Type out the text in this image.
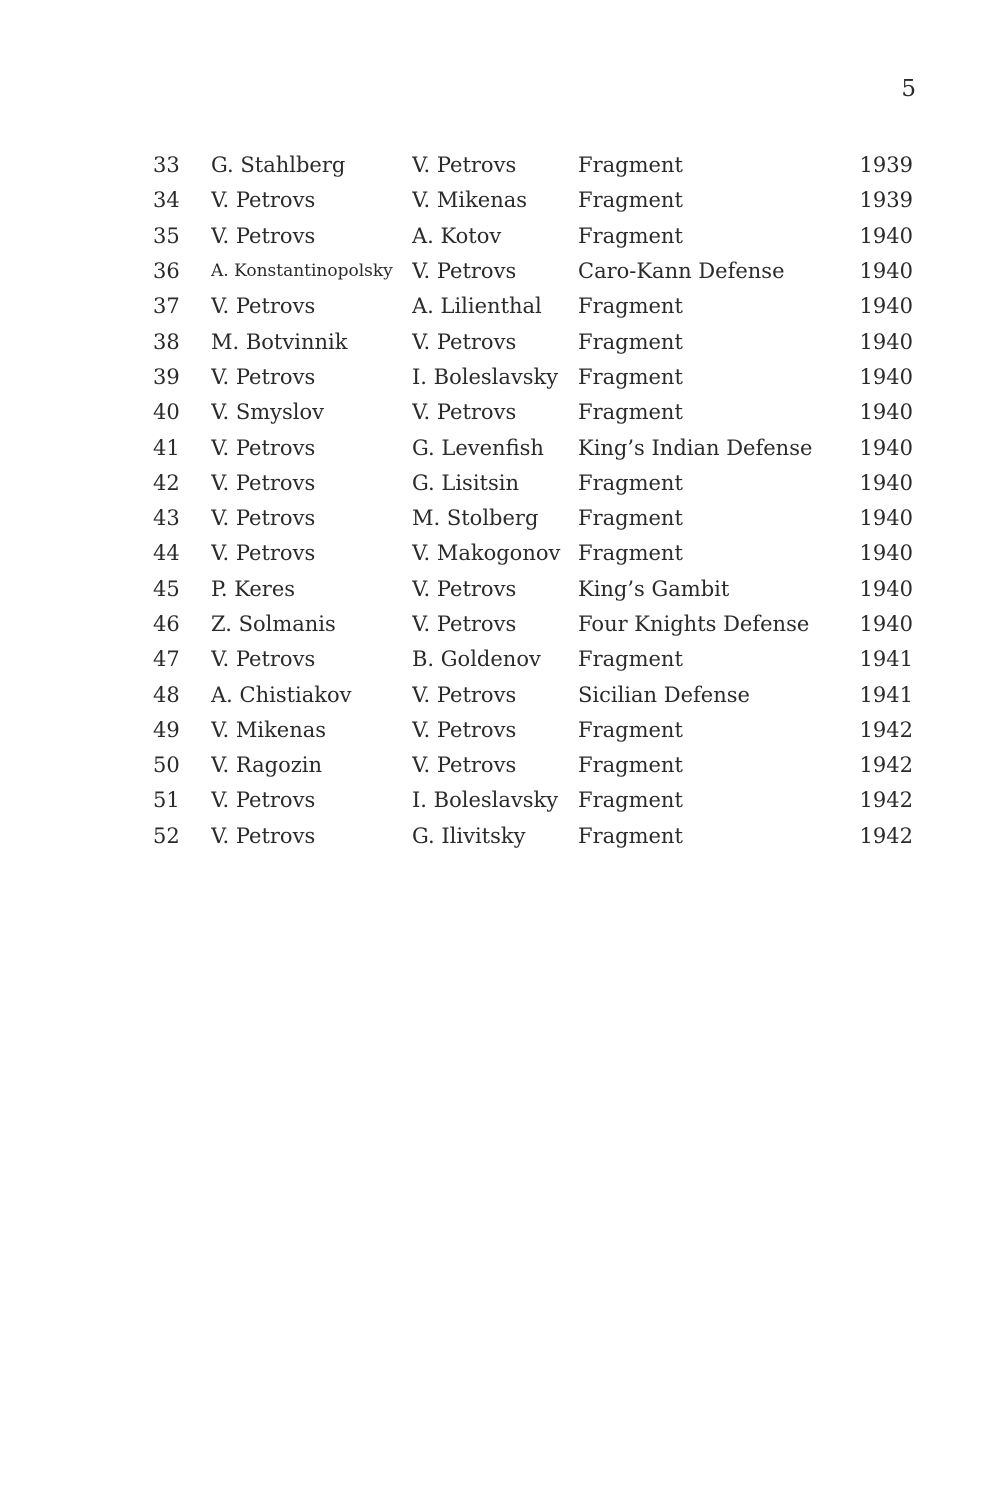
5
33	G. Stahlberg	V. Petrovs	Fragment	1939
34	V. Petrovs	V. Mikenas	Fragment	1939
35	V. Petrovs	A. Kotov	Fragment	1940
36	A. Konstantinopolsky	V. Petrovs	Caro-Kann Defense	1940
37	V. Petrovs	A. Lilienthal	Fragment	1940
38	M. Botvinnik	V. Petrovs	Fragment	1940
39	V. Petrovs	I. Boleslavsky	Fragment	1940
40	V. Smyslov	V. Petrovs	Fragment	1940
41	V. Petrovs	G. Levenfish	King’s Indian Defense	1940
42	V. Petrovs	G. Lisitsin	Fragment	1940
43	V. Petrovs	M. Stolberg	Fragment	1940
44	V. Petrovs	V. Makogonov	Fragment	1940
45	P. Keres	V. Petrovs	King’s Gambit	1940
46	Z. Solmanis	V. Petrovs	Four Knights Defense	1940
47	V. Petrovs	B. Goldenov	Fragment	1941
48	A. Chistiakov	V. Petrovs	Sicilian Defense	1941
49	V. Mikenas	V. Petrovs	Fragment	1942
50	V. Ragozin	V. Petrovs	Fragment	1942
51	V. Petrovs	I. Boleslavsky	Fragment	1942
52	V. Petrovs	G. Ilivitsky	Fragment	1942
